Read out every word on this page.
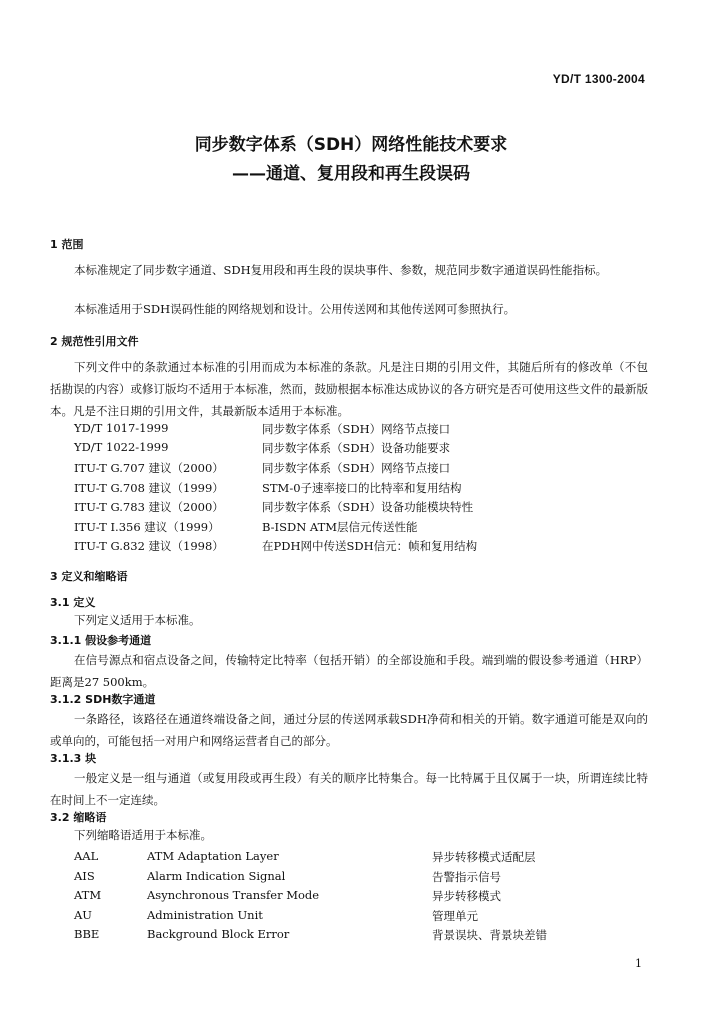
YD/T 1300-2004
同步数字体系（SDH）网络性能技术要求
——通道、复用段和再生段误码
1 范围
本标准规定了同步数字通道、SDH复用段和再生段的误块事件、参数，规范同步数字通道误码性能指标。
本标准适用于SDH误码性能的网络规划和设计。公用传送网和其他传送网可参照执行。
2 规范性引用文件
下列文件中的条款通过本标准的引用而成为本标准的条款。凡是注日期的引用文件，其随后所有的修改单（不包括勘误的内容）或修订版均不适用于本标准，然而，鼓励根据本标准达成协议的各方研究是否可使用这些文件的最新版本。凡是不注日期的引用文件，其最新版本适用于本标准。
YD/T 1017-1999	同步数字体系（SDH）网络节点接口
YD/T 1022-1999	同步数字体系（SDH）设备功能要求
ITU-T G.707 建议（2000）	同步数字体系（SDH）网络节点接口
ITU-T G.708 建议（1999）	STM-0子速率接口的比特率和复用结构
ITU-T G.783 建议（2000）	同步数字体系（SDH）设备功能模块特性
ITU-T I.356 建议（1999）	B-ISDN ATM层信元传送性能
ITU-T G.832 建议（1998）	在PDH网中传送SDH信元：帧和复用结构
3 定义和缩略语
3.1 定义
下列定义适用于本标准。
3.1.1 假设参考通道
在信号源点和宿点设备之间，传输特定比特率（包括开销）的全部设施和手段。端到端的假设参考通道（HRP）距离是27 500km。
3.1.2 SDH数字通道
一条路径，该路径在通道终端设备之间，通过分层的传送网承载SDH净荷和相关的开销。数字通道可能是双向的或单向的，可能包括一对用户和网络运营者自己的部分。
3.1.3 块
一般定义是一组与通道（或复用段或再生段）有关的顺序比特集合。每一比特属于且仅属于一块，所谓连续比特在时间上不一定连续。
3.2 缩略语
下列缩略语适用于本标准。
AAL	ATM Adaptation Layer	异步转移模式适配层
AIS	Alarm Indication Signal	告警指示信号
ATM	Asynchronous Transfer Mode	异步转移模式
AU	Administration Unit	管理单元
BBE	Background Block Error	背景误块、背景块差错
1
